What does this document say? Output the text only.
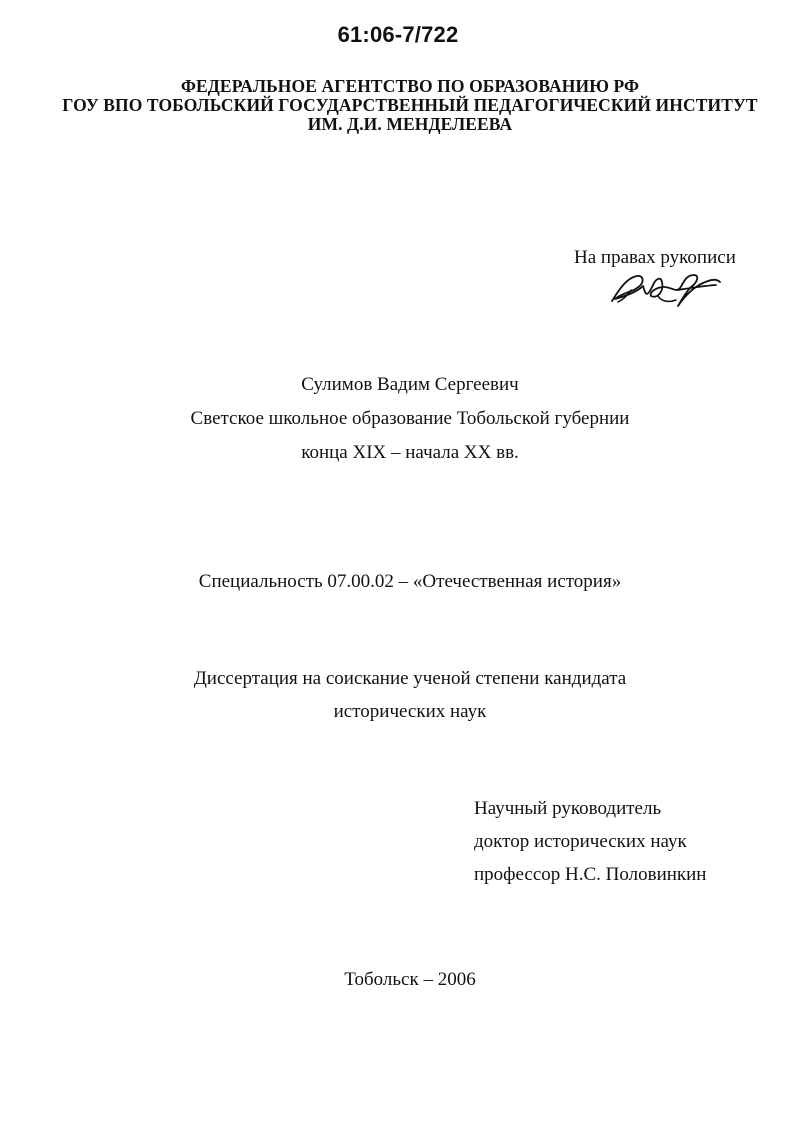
61:06-7/722
ФЕДЕРАЛЬНОЕ АГЕНТСТВО ПО ОБРАЗОВАНИЮ РФ
ГОУ ВПО ТОБОЛЬСКИЙ ГОСУДАРСТВЕННЫЙ ПЕДАГОГИЧЕСКИЙ ИНСТИТУТ
ИМ. Д.И. МЕНДЕЛЕЕВА
На правах рукописи
Сулимов Вадим Сергеевич
Светское школьное образование Тобольской губернии
конца XIX – начала XX вв.
Специальность 07.00.02 – «Отечественная история»
Диссертация на соискание ученой степени кандидата
исторических наук
Научный руководитель
доктор исторических наук
профессор Н.С. Половинкин
Тобольск – 2006
